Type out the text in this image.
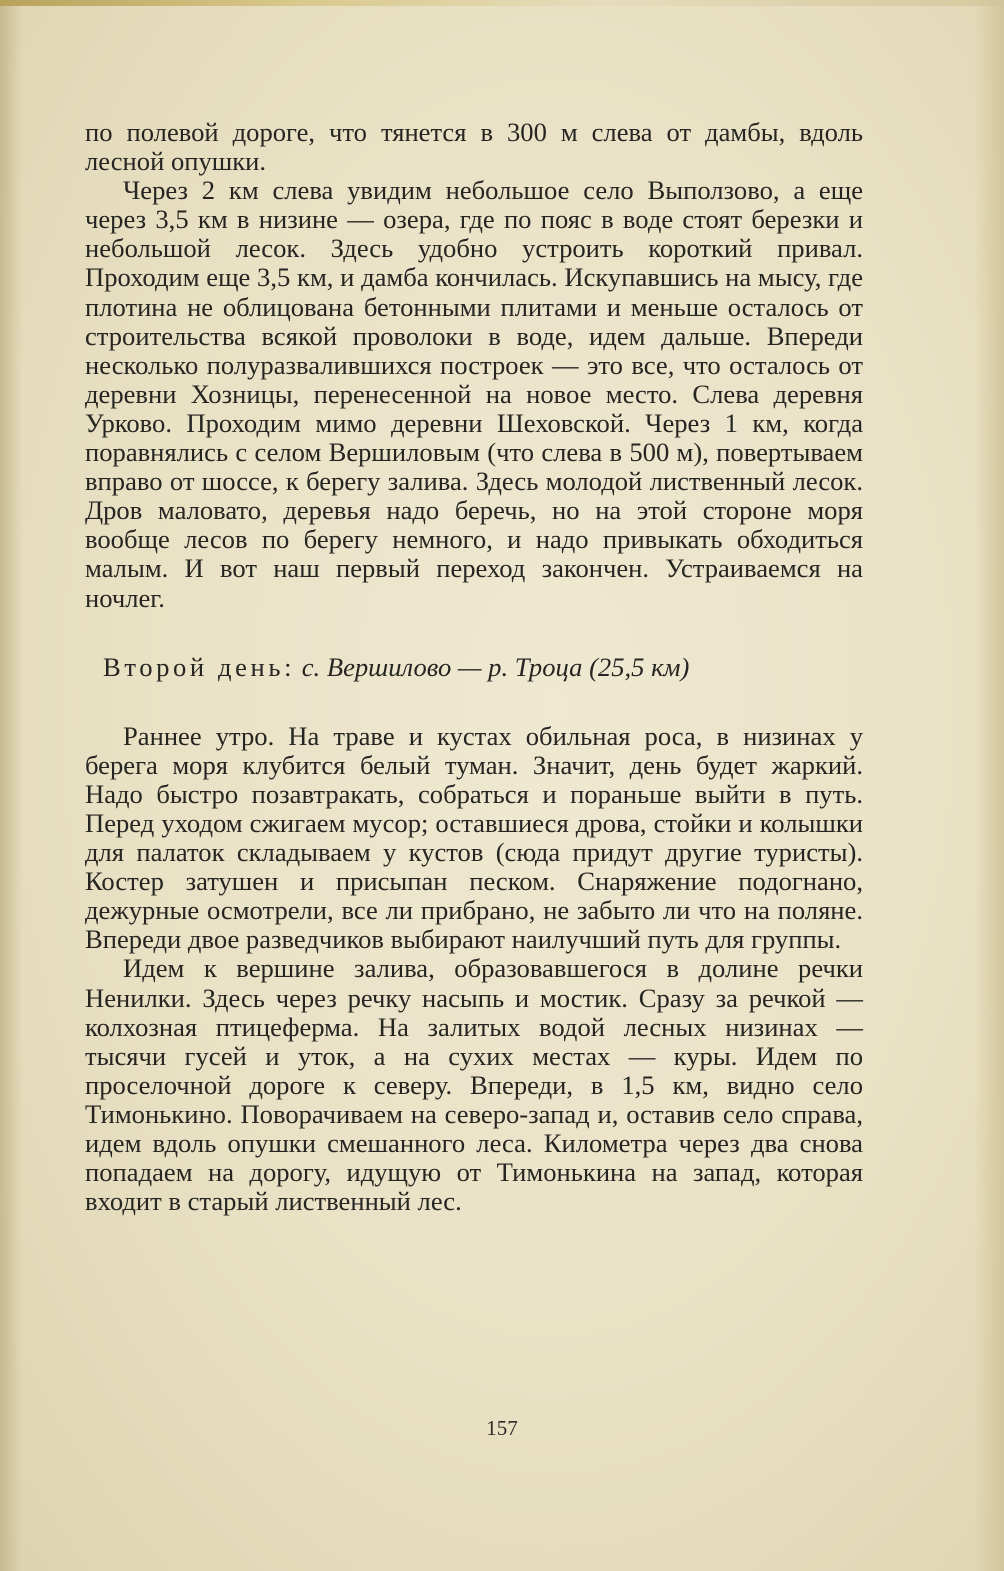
по полевой дороге, что тянется в 300 м слева от дамбы, вдоль лесной опушки.

Через 2 км слева увидим небольшое село Выползово, а еще через 3,5 км в низине — озера, где по пояс в воде стоят березки и небольшой лесок. Здесь удобно устроить короткий привал. Проходим еще 3,5 км, и дамба кончилась. Искупавшись на мысу, где плотина не облицована бетонными плитами и меньше осталось от строительства всякой проволоки в воде, идем дальше. Впереди несколько полуразвалившихся построек — это все, что осталось от деревни Хозницы, перенесенной на новое место. Слева деревня Урково. Проходим мимо деревни Шеховской. Через 1 км, когда поравнялись с селом Вершиловым (что слева в 500 м), повертываем вправо от шоссе, к берегу залива. Здесь молодой лиственный лесок. Дров маловато, деревья надо беречь, но на этой стороне моря вообще лесов по берегу немного, и надо привыкать обходиться малым. И вот наш первый переход закончен. Устраиваемся на ночлег.

Второй день: с. Вершилово — р. Троца (25,5 км)

Раннее утро. На траве и кустах обильная роса, в низинах у берега моря клубится белый туман. Значит, день будет жаркий. Надо быстро позавтракать, собраться и пораньше выйти в путь. Перед уходом сжигаем мусор; оставшиеся дрова, стойки и колышки для палаток складываем у кустов (сюда придут другие туристы). Костер затушен и присыпан песком. Снаряжение подогнано, дежурные осмотрели, все ли прибрано, не забыто ли что на поляне. Впереди двое разведчиков выбирают наилучший путь для группы.

Идем к вершине залива, образовавшегося в долине речки Ненилки. Здесь через речку насыпь и мостик. Сразу за речкой — колхозная птицеферма. На залитых водой лесных низинах — тысячи гусей и уток, а на сухих местах — куры. Идем по проселочной дороге к северу. Впереди, в 1,5 км, видно село Тимонькино. Поворачиваем на северо-запад и, оставив село справа, идем вдоль опушки смешанного леса. Километра через два снова попадаем на дорогу, идущую от Тимонькина на запад, которая входит в старый лиственный лес.

157
